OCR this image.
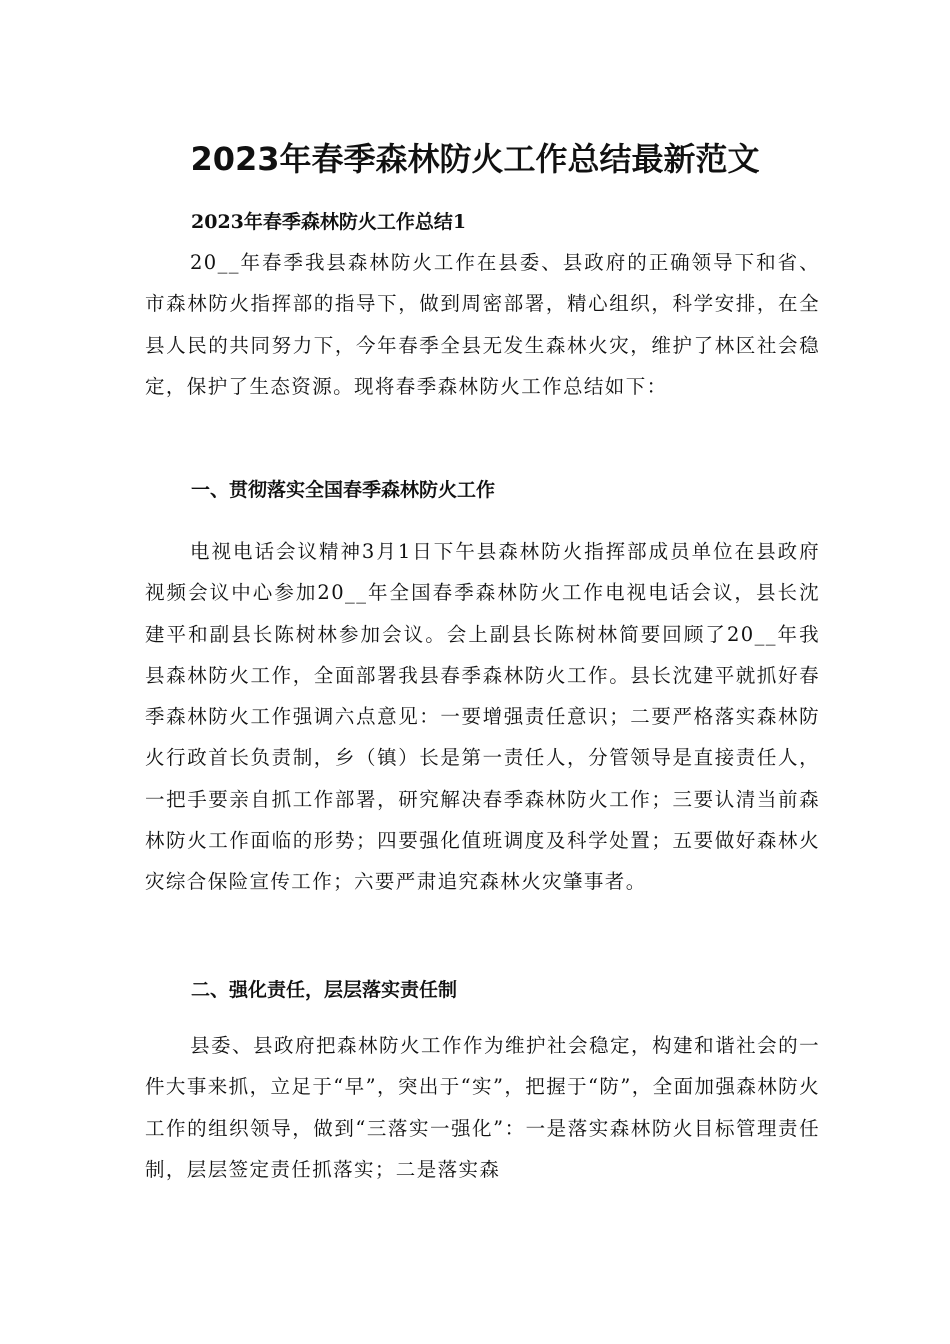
2023年春季森林防火工作总结最新范文

2023年春季森林防火工作总结1

20__年春季我县森林防火工作在县委、县政府的正确领导下和省、市森林防火指挥部的指导下，做到周密部署，精心组织，科学安排，在全县人民的共同努力下，今年春季全县无发生森林火灾，维护了林区社会稳定，保护了生态资源。现将春季森林防火工作总结如下：

一、贯彻落实全国春季森林防火工作

电视电话会议精神3月1日下午县森林防火指挥部成员单位在县政府视频会议中心参加20__年全国春季森林防火工作电视电话会议，县长沈建平和副县长陈树林参加会议。会上副县长陈树林简要回顾了20__年我县森林防火工作，全面部署我县春季森林防火工作。县长沈建平就抓好春季森林防火工作强调六点意见：一要增强责任意识；二要严格落实森林防火行政首长负责制，乡（镇）长是第一责任人，分管领导是直接责任人，一把手要亲自抓工作部署，研究解决春季森林防火工作；三要认清当前森林防火工作面临的形势；四要强化值班调度及科学处置；五要做好森林火灾综合保险宣传工作；六要严肃追究森林火灾肇事者。

二、强化责任，层层落实责任制

县委、县政府把森林防火工作作为维护社会稳定，构建和谐社会的一件大事来抓，立足于“早”，突出于“实”，把握于“防”，全面加强森林防火工作的组织领导，做到“三落实一强化”：一是落实森林防火目标管理责任制，层层签定责任抓落实；二是落实森
